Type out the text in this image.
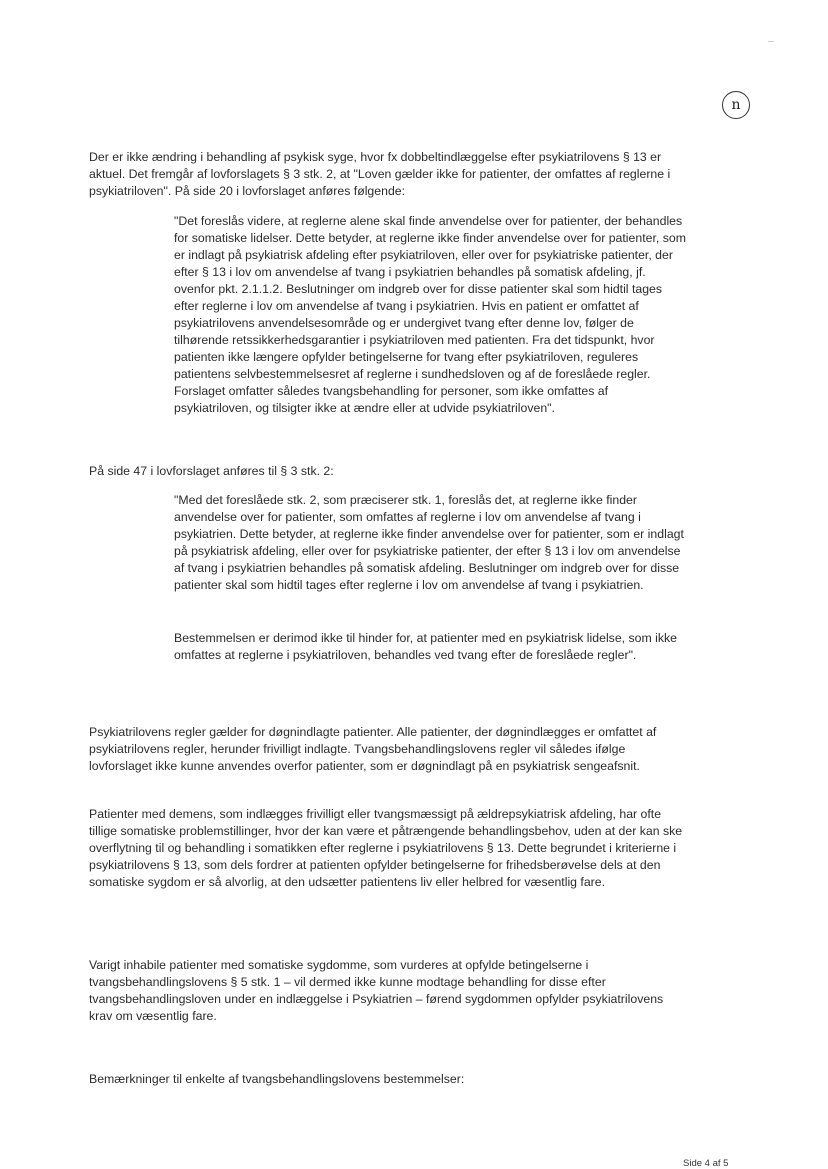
n

Der er ikke ændring i behandling af psykisk syge, hvor fx dobbeltindlæggelse efter psykiatrilovens § 13 er aktuel. Det fremgår af lovforslagets § 3 stk. 2, at "Loven gælder ikke for patienter, der omfattes af reglerne i psykiatriloven". På side 20 i lovforslaget anføres følgende:

"Det foreslås videre, at reglerne alene skal finde anvendelse over for patienter, der behandles for somatiske lidelser. Dette betyder, at reglerne ikke finder anvendelse over for patienter, som er indlagt på psykiatrisk afdeling efter psykiatriloven, eller over for psykiatriske patienter, der efter § 13 i lov om anvendelse af tvang i psykiatrien behandles på somatisk afdeling, jf. ovenfor pkt. 2.1.1.2. Beslutninger om indgreb over for disse patienter skal som hidtil tages efter reglerne i lov om anvendelse af tvang i psykiatrien. Hvis en patient er omfattet af psykiatrilovens anvendelsesområde og er undergivet tvang efter denne lov, følger de tilhørende retssikkerhedsgarantier i psykiatriloven med patienten. Fra det tidspunkt, hvor patienten ikke længere opfylder betingelserne for tvang efter psykiatriloven, reguleres patientens selvbestemmelsesret af reglerne i sundhedsloven og af de foreslåede regler. Forslaget omfatter således tvangsbehandling for personer, som ikke omfattes af psykiatriloven, og tilsigter ikke at ændre eller at udvide psykiatriloven".

På side 47 i lovforslaget anføres til § 3 stk. 2:

"Med det foreslåede stk. 2, som præciserer stk. 1, foreslås det, at reglerne ikke finder anvendelse over for patienter, som omfattes af reglerne i lov om anvendelse af tvang i psykiatrien. Dette betyder, at reglerne ikke finder anvendelse over for patienter, som er indlagt på psykiatrisk afdeling, eller over for psykiatriske patienter, der efter § 13 i lov om anvendelse af tvang i psykiatrien behandles på somatisk afdeling. Beslutninger om indgreb over for disse patienter skal som hidtil tages efter reglerne i lov om anvendelse af tvang i psykiatrien.

Bestemmelsen er derimod ikke til hinder for, at patienter med en psykiatrisk lidelse, som ikke omfattes at reglerne i psykiatriloven, behandles ved tvang efter de foreslåede regler".

Psykiatrilovens regler gælder for døgnindlagte patienter. Alle patienter, der døgnindlægges er omfattet af psykiatrilovens regler, herunder frivilligt indlagte. Tvangsbehandlingslovens regler vil således ifølge lovforslaget ikke kunne anvendes overfor patienter, som er døgnindlagt på en psykiatrisk sengeafsnit.

Patienter med demens, som indlægges frivilligt eller tvangsmæssigt på ældrepsykiatrisk afdeling, har ofte tillige somatiske problemstillinger, hvor der kan være et påtrængende behandlingsbehov, uden at der kan ske overflytning til og behandling i somatikken efter reglerne i psykiatrilovens § 13. Dette begrundet i kriterierne i psykiatrilovens § 13, som dels fordrer at patienten opfylder betingelserne for frihedsberøvelse dels at den somatiske sygdom er så alvorlig, at den udsætter patientens liv eller helbred for væsentlig fare.

Varigt inhabile patienter med somatiske sygdomme, som vurderes at opfylde betingelserne i tvangsbehandlingslovens § 5 stk. 1 – vil dermed ikke kunne modtage behandling for disse efter tvangsbehandlingsloven under en indlæggelse i Psykiatrien – førend sygdommen opfylder psykiatrilovens krav om væsentlig fare.

Bemærkninger til enkelte af tvangsbehandlingslovens bestemmelser:

Side 4 af 5
